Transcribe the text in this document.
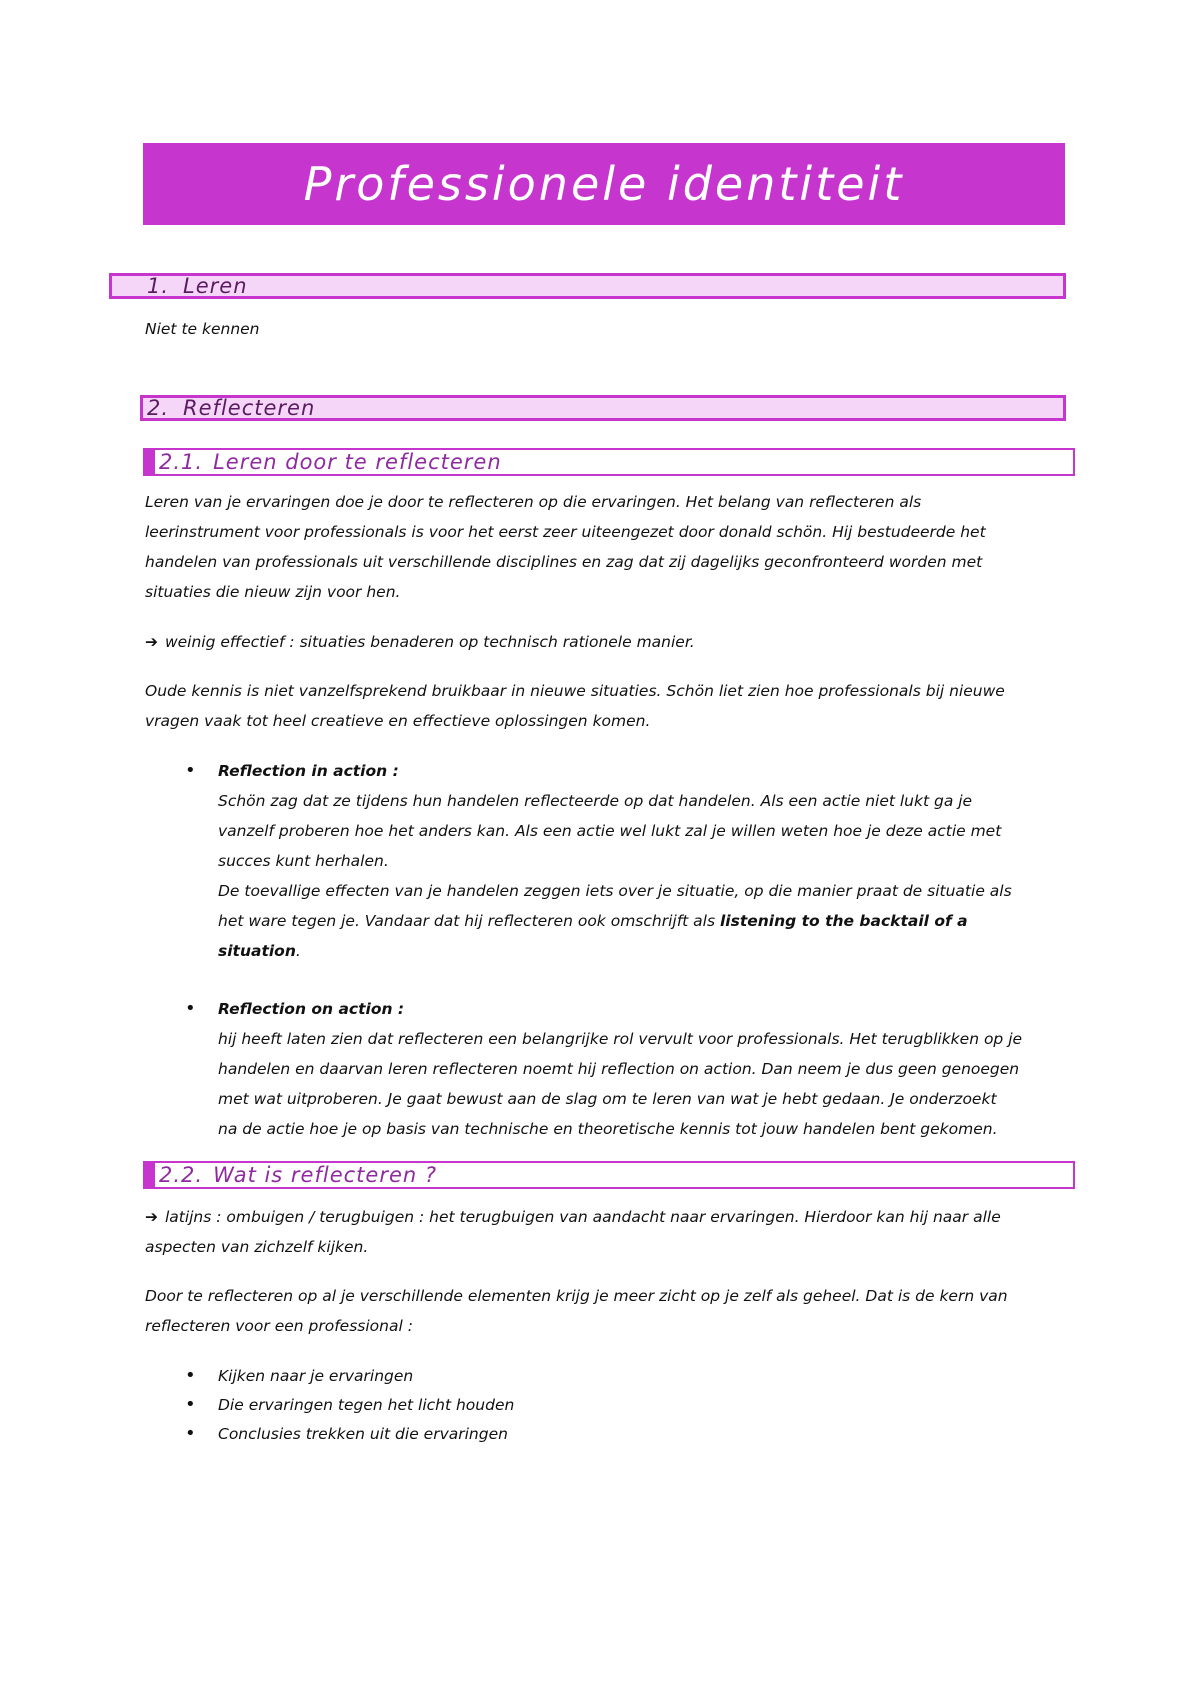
Professionele identiteit
1. Leren

Niet te kennen

2. Reflecteren
2.1. Leren door te reflecteren

Leren van je ervaringen doe je door te reflecteren op die ervaringen. Het belang van reflecteren als
leerinstrument voor professionals is voor het eerst zeer uiteengezet door donald schön. Hij bestudeerde het
handelen van professionals uit verschillende disciplines en zag dat zij dagelijks geconfronteerd worden met
situaties die nieuw zijn voor hen.

➔ weinig effectief : situaties benaderen op technisch rationele manier.

Oude kennis is niet vanzelfsprekend bruikbaar in nieuwe situaties. Schön liet zien hoe professionals bij nieuwe
vragen vaak tot heel creatieve en effectieve oplossingen komen.

• Reflection in action :
Schön zag dat ze tijdens hun handelen reflecteerde op dat handelen. Als een actie niet lukt ga je
vanzelf proberen hoe het anders kan. Als een actie wel lukt zal je willen weten hoe je deze actie met
succes kunt herhalen.
De toevallige effecten van je handelen zeggen iets over je situatie, op die manier praat de situatie als
het ware tegen je. Vandaar dat hij reflecteren ook omschrijft als listening to the backtail of a
situation.
• Reflection on action :
hij heeft laten zien dat reflecteren een belangrijke rol vervult voor professionals. Het terugblikken op je
handelen en daarvan leren reflecteren noemt hij reflection on action. Dan neem je dus geen genoegen
met wat uitproberen. Je gaat bewust aan de slag om te leren van wat je hebt gedaan. Je onderzoekt
na de actie hoe je op basis van technische en theoretische kennis tot jouw handelen bent gekomen.
2.2. Wat is reflecteren ?

➔ latijns : ombuigen / terugbuigen : het terugbuigen van aandacht naar ervaringen. Hierdoor kan hij naar alle
aspecten van zichzelf kijken.

Door te reflecteren op al je verschillende elementen krijg je meer zicht op je zelf als geheel. Dat is de kern van
reflecteren voor een professional :

• Kijken naar je ervaringen
• Die ervaringen tegen het licht houden
• Conclusies trekken uit die ervaringen
